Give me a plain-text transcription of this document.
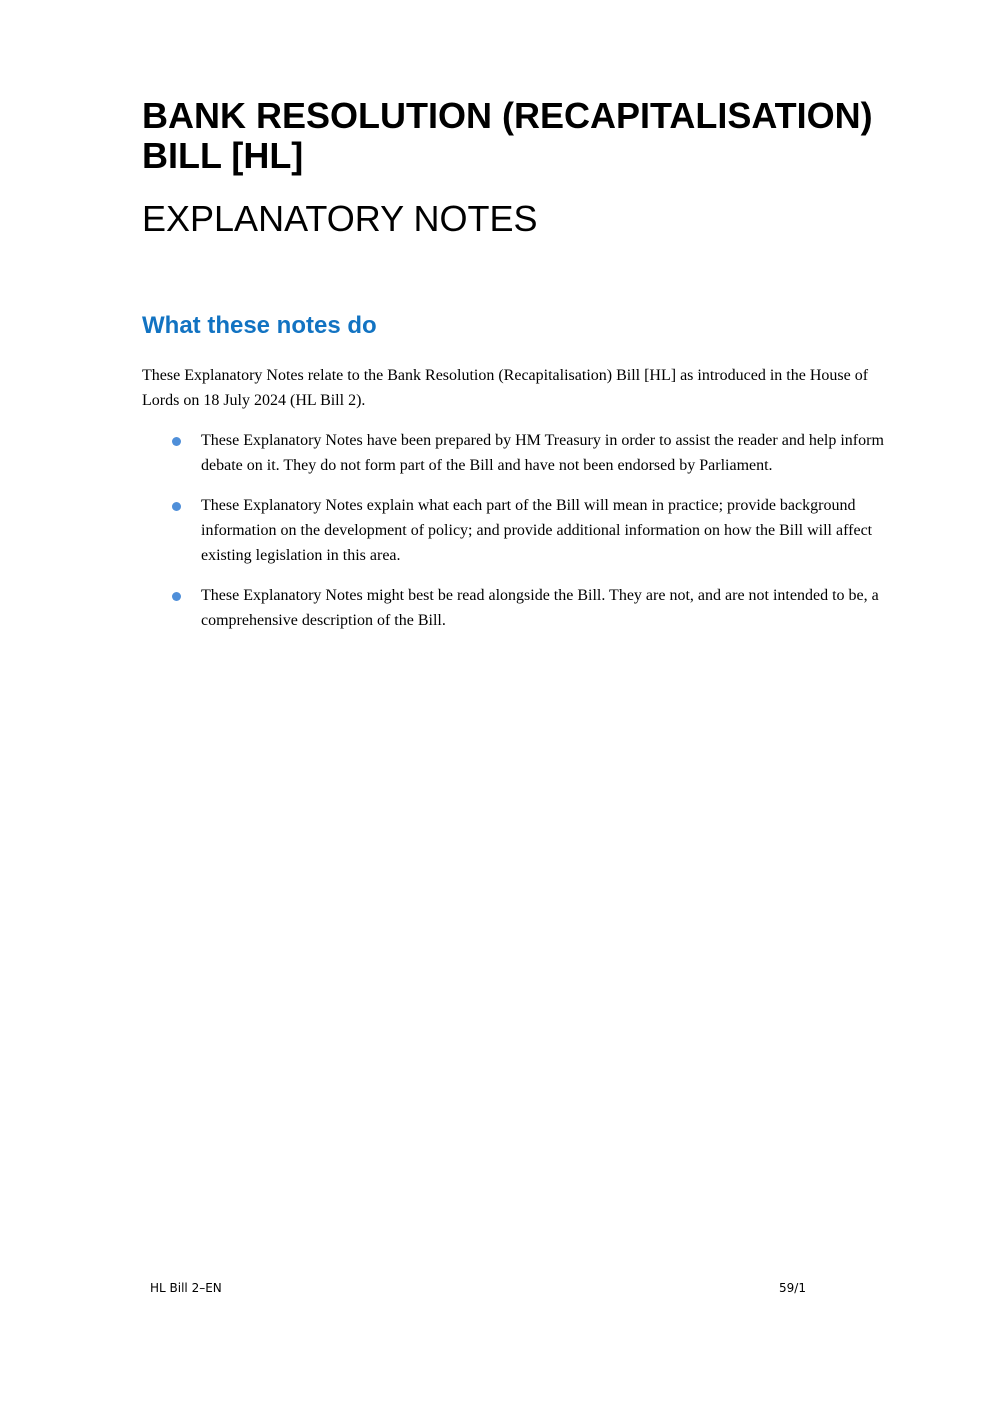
BANK RESOLUTION (RECAPITALISATION) BILL [HL]
EXPLANATORY NOTES
What these notes do

These Explanatory Notes relate to the Bank Resolution (Recapitalisation) Bill [HL] as introduced in the House of Lords on 18 July 2024 (HL Bill 2).

These Explanatory Notes have been prepared by HM Treasury in order to assist the reader and help inform debate on it. They do not form part of the Bill and have not been endorsed by Parliament.
These Explanatory Notes explain what each part of the Bill will mean in practice; provide background information on the development of policy; and provide additional information on how the Bill will affect existing legislation in this area.
These Explanatory Notes might best be read alongside the Bill. They are not, and are not intended to be, a comprehensive description of the Bill.

HL Bill 2–EN	59/1
